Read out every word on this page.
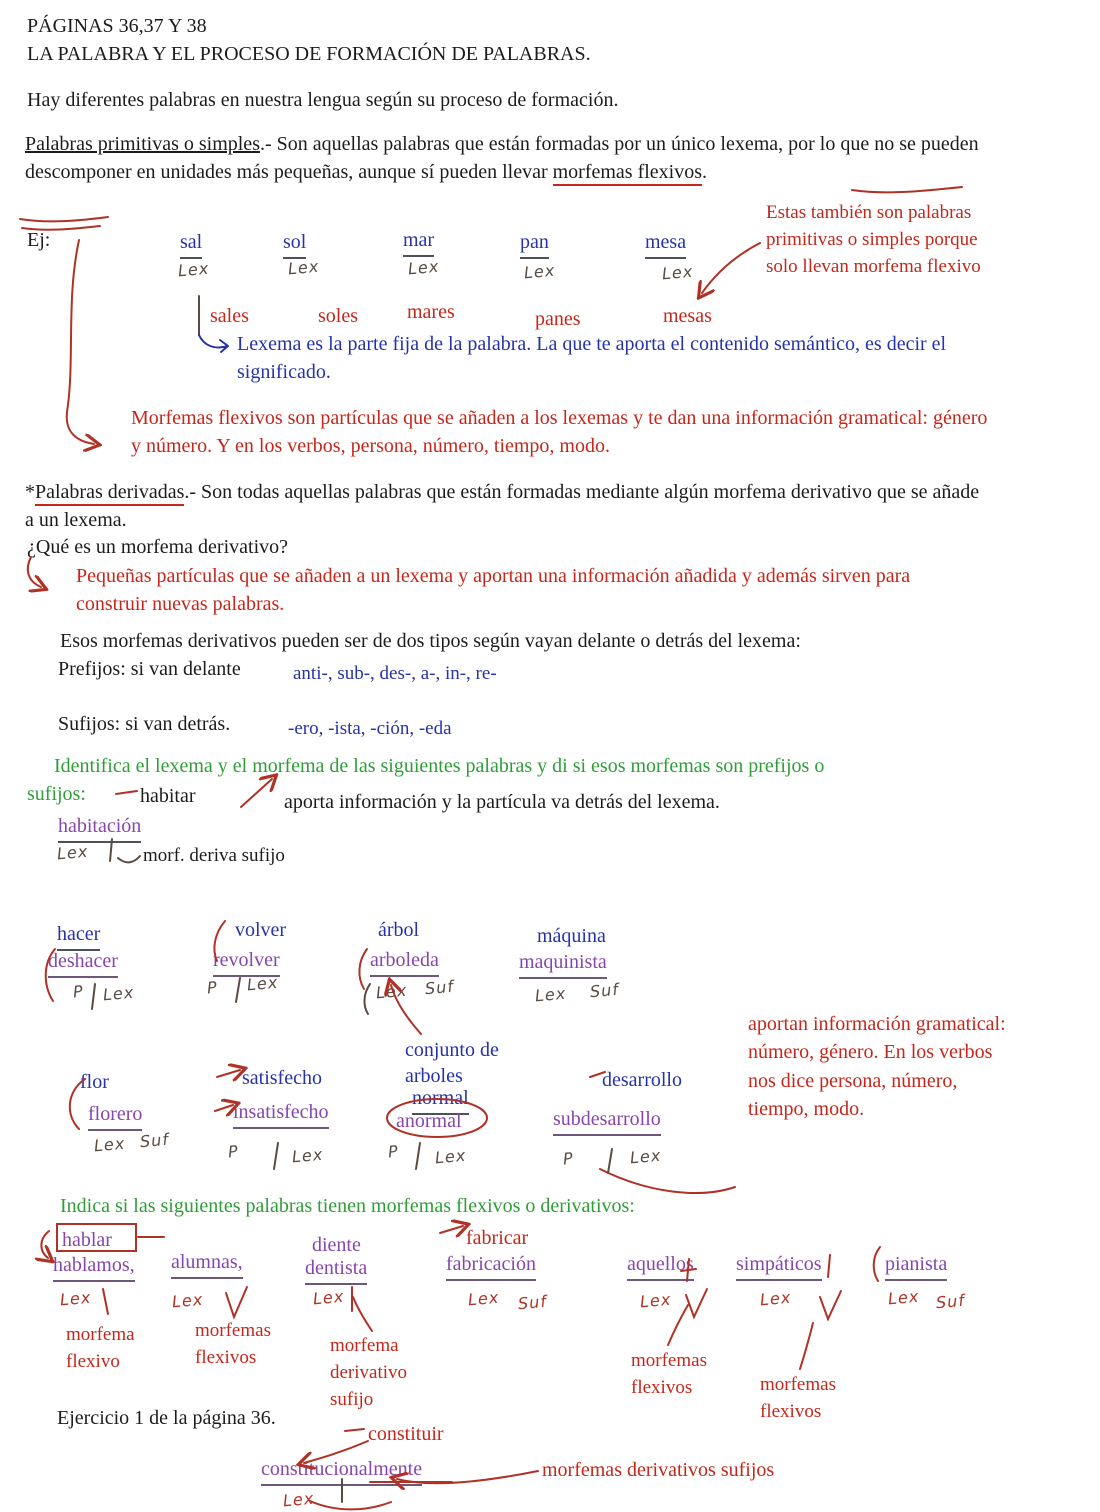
PÁGINAS 36,37 Y 38
LA PALABRA Y EL PROCESO DE FORMACIÓN DE PALABRAS.
Hay diferentes palabras en nuestra lengua según su proceso de formación.
Palabras primitivas o simples.- Son aquellas palabras que están formadas por un único lexema, por lo que no se pueden descomponer en unidades más pequeñas, aunque sí pueden llevar morfemas flexivos.
Ej:	sal	sol	mar	pan	mesa
Lex	Lex	Lex	Lex	Lex
sales	soles mares	panes	mesas
Estas también son palabras primitivas o simples porque solo llevan morfema flexivo
Lexema es la parte fija de la palabra. La que te aporta el contenido semántico, es decir el significado.
Morfemas flexivos son partículas que se añaden a los lexemas y te dan una información gramatical: género y número. Y en los verbos, persona, número, tiempo, modo.
*Palabras derivadas.- Son todas aquellas palabras que están formadas mediante algún morfema derivativo que se añade a un lexema.
¿Qué es un morfema derivativo?
Pequeñas partículas que se añaden a un lexema y aportan una información añadida y además sirven para construir nuevas palabras.
Esos morfemas derivativos pueden ser de dos tipos según vayan delante o detrás del lexema:
Prefijos: si van delante	anti-, sub-, des-, a-, in-, re-
Sufijos: si van detrás.	-ero, -ista, -ción, -eda
Identifica el lexema y el morfema de las siguientes palabras y di si esos morfemas son prefijos o
sufijos:	habitar	aporta información y la partícula va detrás del lexema.
habitación
Lex	morf. deriva sufijo
hacer
deshacer
P Lex
volver
revolver
P Lex
árbol
arboleda
Lex Suf
máquina
maquinista
Lex Suf
conjunto de
arboles
flor
florero
Lex Suf
satisfecho
insatisfecho
P	Lex
normal
anormal
P Lex
desarrollo
subdesarrollo
P	Lex
aportan información gramatical: número, género. En los verbos nos dice persona, número, tiempo, modo.
Indica si las siguientes palabras tienen morfemas flexivos o derivativos:
hablar
hablamos,
Lex
alumnas,
Lex
diente
dentista
Lex
fabricar
fabricación
Lex Suf
aquellos
Lex
simpáticos
Lex
pianista
Lex Suf
morfema flexivo
morfemas flexivos
morfema derivativo sufijo
morfemas flexivos	morfemas flexivos
Ejercicio 1 de la página 36.
constituir
constitucionalmente	morfemas derivativos sufijos
Lex
